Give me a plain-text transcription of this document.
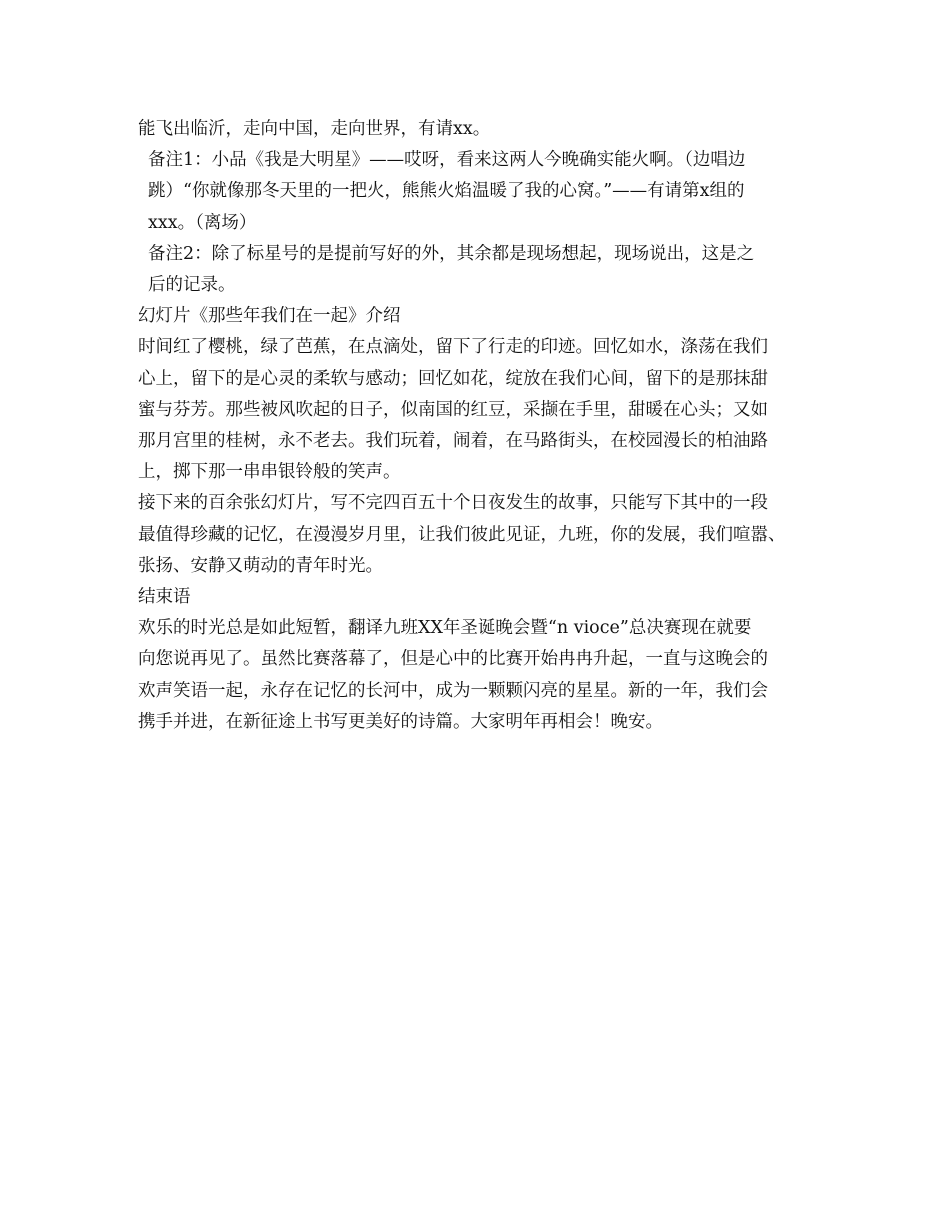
能飞出临沂，走向中国，走向世界，有请xx。
备注1：小品《我是大明星》——哎呀，看来这两人今晚确实能火啊。（边唱边
跳）“你就像那冬天里的一把火，熊熊火焰温暖了我的心窝。”——有请第x组的
xxx。（离场）
备注2：除了标星号的是提前写好的外，其余都是现场想起，现场说出，这是之
后的记录。
幻灯片《那些年我们在一起》介绍
时间红了樱桃，绿了芭蕉，在点滴处，留下了行走的印迹。回忆如水，涤荡在我们
心上，留下的是心灵的柔软与感动；回忆如花，绽放在我们心间，留下的是那抹甜
蜜与芬芳。那些被风吹起的日子，似南国的红豆，采撷在手里，甜暖在心头；又如
那月宫里的桂树，永不老去。我们玩着，闹着，在马路街头，在校园漫长的柏油路
上，掷下那一串串银铃般的笑声。
接下来的百余张幻灯片，写不完四百五十个日夜发生的故事，只能写下其中的一段
最值得珍藏的记忆，在漫漫岁月里，让我们彼此见证，九班，你的发展，我们喧嚣、
张扬、安静又萌动的青年时光。
结束语
欢乐的时光总是如此短暂，翻译九班XX年圣诞晚会暨“n vioce”总决赛现在就要
向您说再见了。虽然比赛落幕了，但是心中的比赛开始冉冉升起，一直与这晚会的
欢声笑语一起，永存在记忆的长河中，成为一颗颗闪亮的星星。新的一年，我们会
携手并进，在新征途上书写更美好的诗篇。大家明年再相会！晚安。
